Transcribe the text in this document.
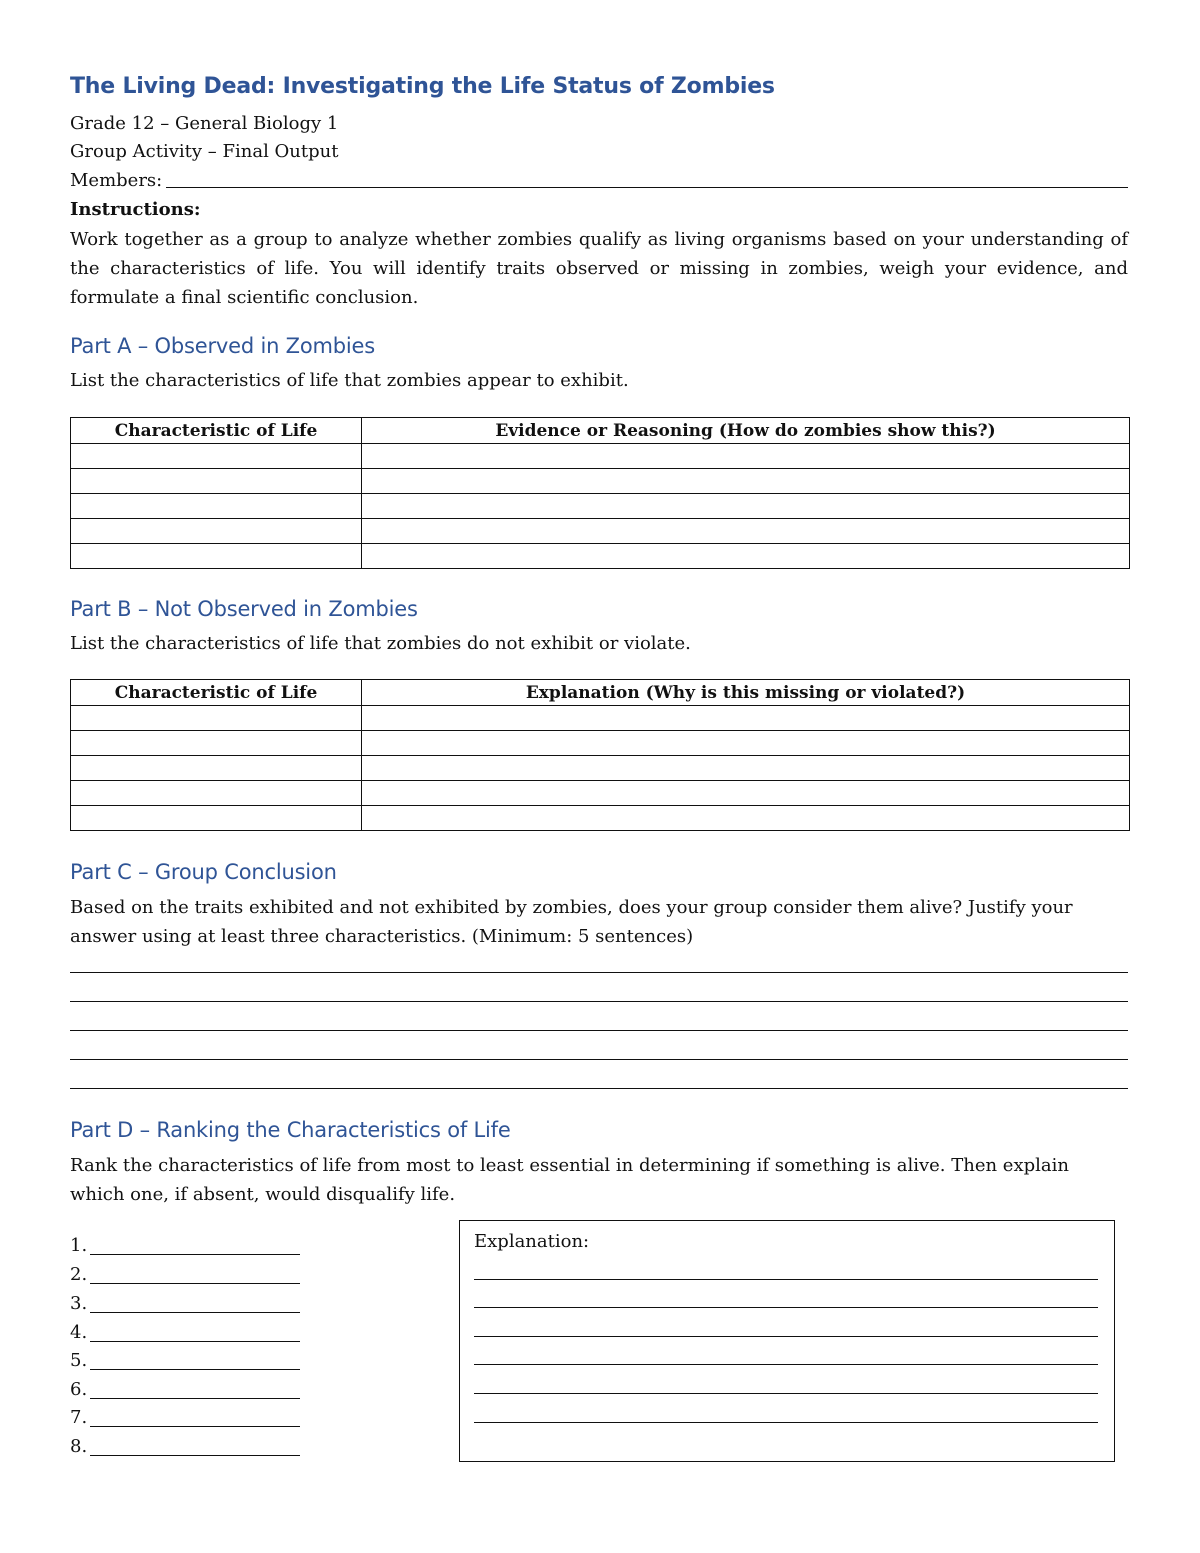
The Living Dead: Investigating the Life Status of Zombies
Grade 12 – General Biology 1
Group Activity – Final Output
Members:
Instructions:
Work together as a group to analyze whether zombies qualify as living organisms based on your understanding of the characteristics of life. You will identify traits observed or missing in zombies, weigh your evidence, and formulate a final scientific conclusion.
Part A – Observed in Zombies
List the characteristics of life that zombies appear to exhibit.
Characteristic of Life	Evidence or Reasoning (How do zombies show this?)

Part B – Not Observed in Zombies
List the characteristics of life that zombies do not exhibit or violate.
Characteristic of Life	Explanation (Why is this missing or violated?)

Part C – Group Conclusion
Based on the traits exhibited and not exhibited by zombies, does your group consider them alive? Justify your answer using at least three characteristics. (Minimum: 5 sentences)
Part D – Ranking the Characteristics of Life
Rank the characteristics of life from most to least essential in determining if something is alive. Then explain which one, if absent, would disqualify life.
1.
2.
3.
4.
5.
6.
7.
8.
Explanation:
